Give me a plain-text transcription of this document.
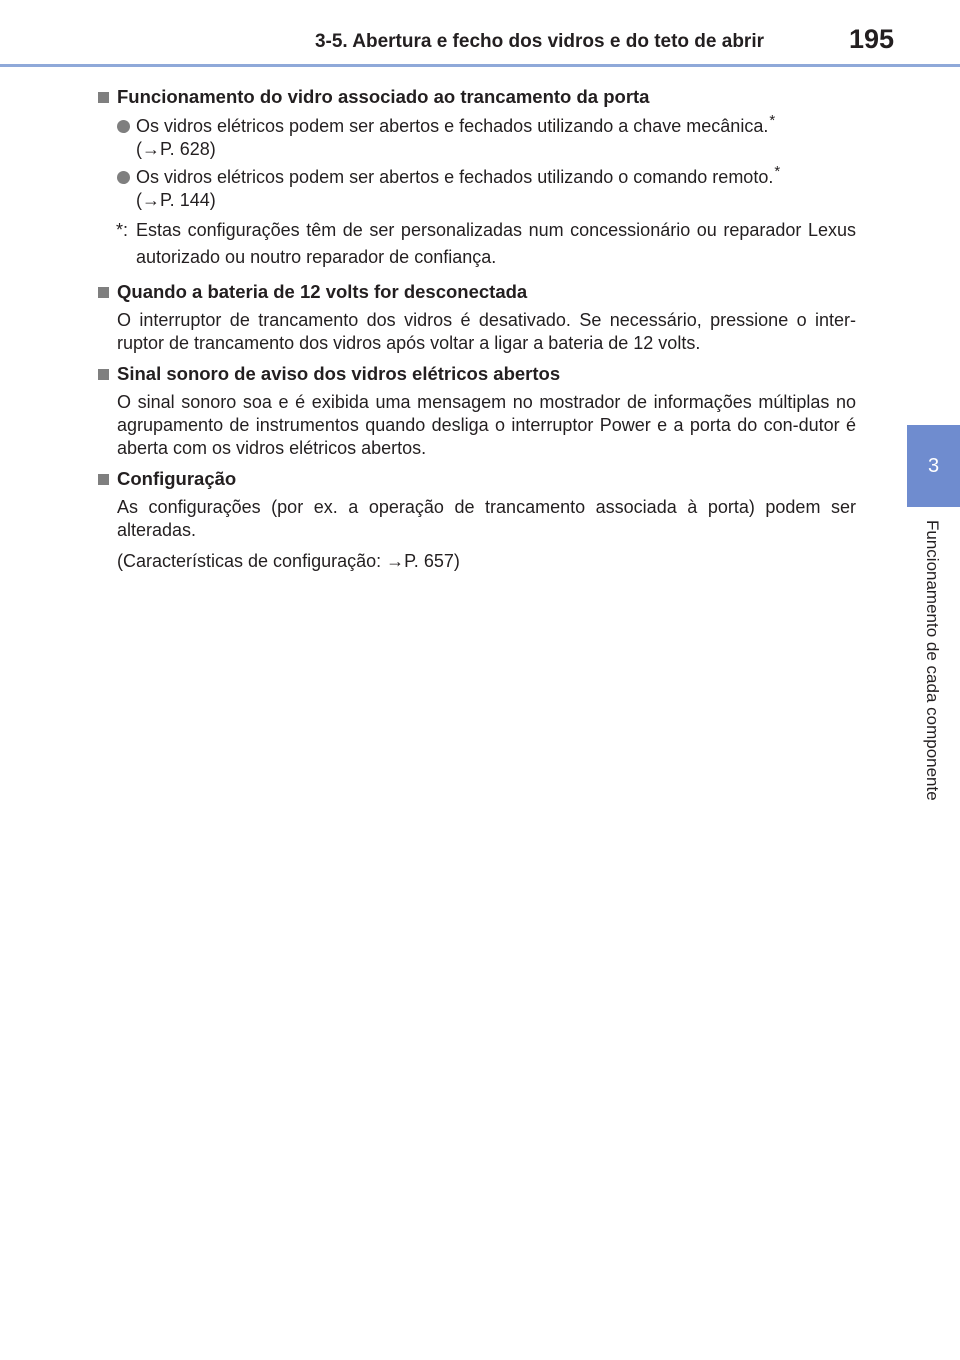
3-5. Abertura e fecho dos vidros e do teto de abrir	195
3
Funcionamento de cada componente
Funcionamento do vidro associado ao trancamento da porta
Os vidros elétricos podem ser abertos e fechados utilizando a chave mecânica.*
(→P. 628)
Os vidros elétricos podem ser abertos e fechados utilizando o comando remoto.*
(→P. 144)
*: Estas configurações têm de ser personalizadas num concessionário ou reparador Lexus autorizado ou noutro reparador de confiança.
Quando a bateria de 12 volts for desconectada
O interruptor de trancamento dos vidros é desativado. Se necessário, pressione o inter-ruptor de trancamento dos vidros após voltar a ligar a bateria de 12 volts.
Sinal sonoro de aviso dos vidros elétricos abertos
O sinal sonoro soa e é exibida uma mensagem no mostrador de informações múltiplas no agrupamento de instrumentos quando desliga o interruptor Power e a porta do con-dutor é aberta com os vidros elétricos abertos.
Configuração
As configurações (por ex. a operação de trancamento associada à porta) podem ser alteradas.
(Características de configuração: →P. 657)
